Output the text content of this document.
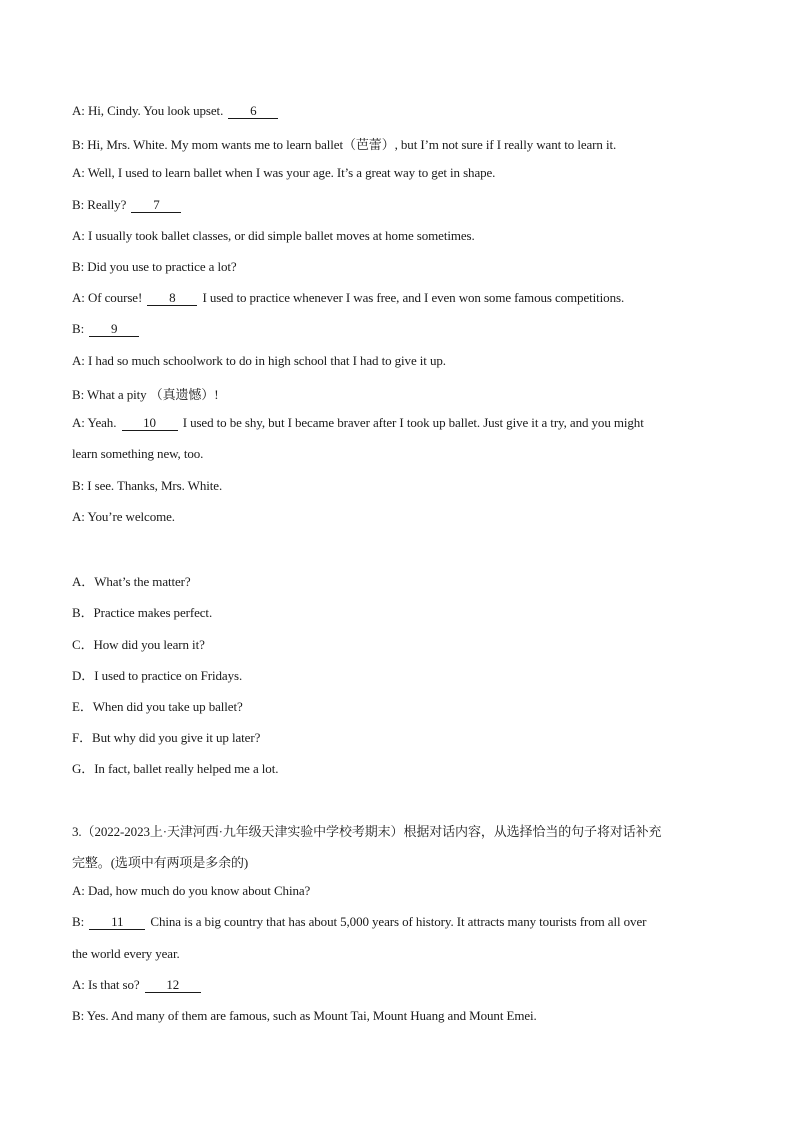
A: Hi, Cindy. You look upset. 6
B: Hi, Mrs. White. My mom wants me to learn ballet（芭蕾）, but I’m not sure if I really want to learn it.
A: Well, I used to learn ballet when I was your age. It’s a great way to get in shape.
B: Really? 7
A: I usually took ballet classes, or did simple ballet moves at home sometimes.
B: Did you use to practice a lot?
A: Of course! 8 I used to practice whenever I was free, and I even won some famous competitions.
B: 9
A: I had so much schoolwork to do in high school that I had to give it up.
B: What a pity （真遗憾）!
A: Yeah. 10 I used to be shy, but I became braver after I took up ballet. Just give it a try, and you might
learn something new, too.
B: I see. Thanks, Mrs. White.
A: You’re welcome.
A．What’s the matter?
B．Practice makes perfect.
C．How did you learn it?
D．I used to practice on Fridays.
E．When did you take up ballet?
F．But why did you give it up later?
G．In fact, ballet really helped me a lot.
3.（2022-2023上·天津河西·九年级天津实验中学校考期末）根据对话内容，从选择恰当的句子将对话补充
完整。(选项中有两项是多余的)
A: Dad, how much do you know about China?
B: 11 China is a big country that has about 5,000 years of history. It attracts many tourists from all over
the world every year.
A: Is that so? 12
B: Yes. And many of them are famous, such as Mount Tai, Mount Huang and Mount Emei.
